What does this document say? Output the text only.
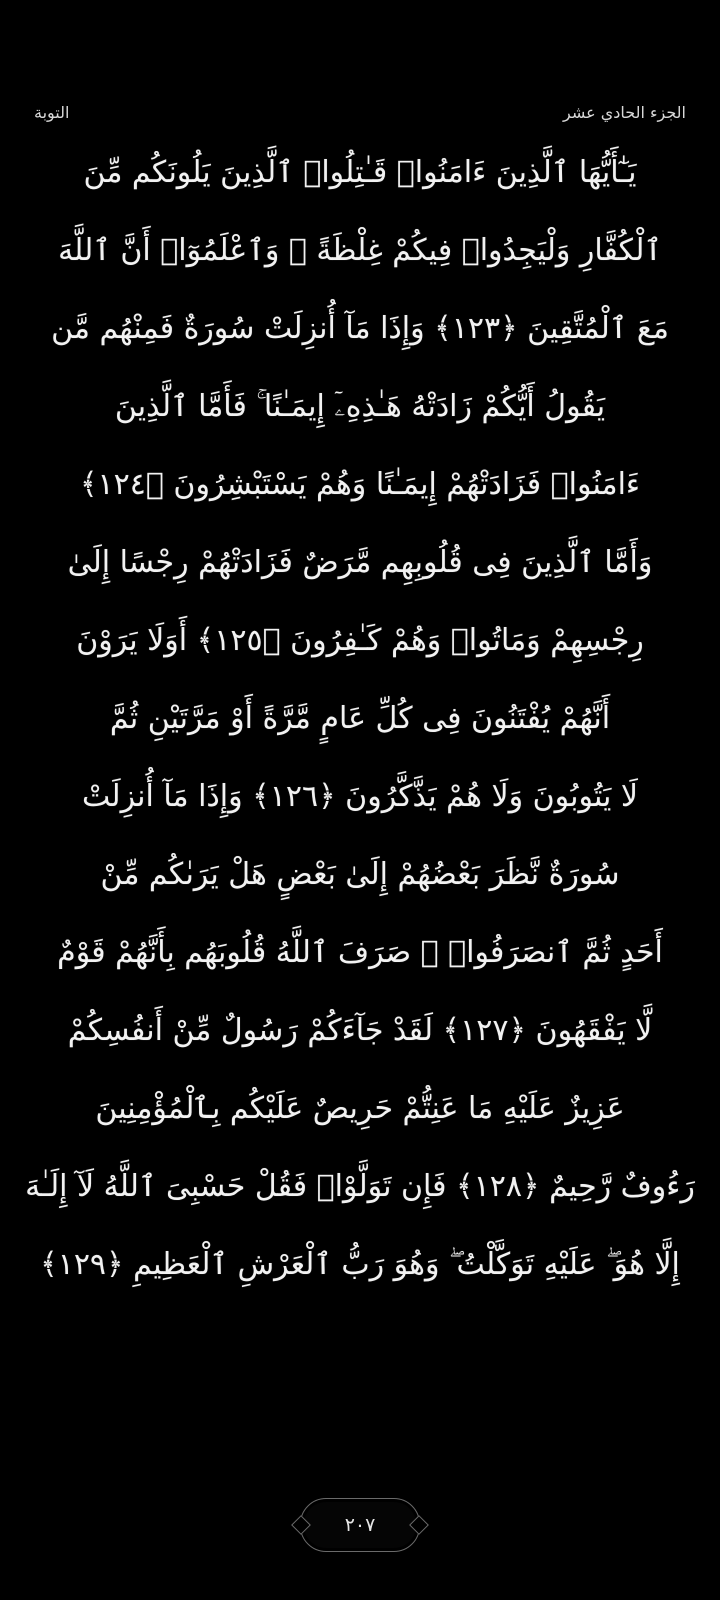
التوبة	الجزء الحادي عشر
يَـٰٓأَيُّهَا ٱلَّذِينَ ءَامَنُوا۟ قَـٰتِلُوا۟ ٱلَّذِينَ يَلُونَكُم مِّنَ
ٱلْكُفَّارِ وَلْيَجِدُوا۟ فِيكُمْ غِلْظَةً ۚ وَٱعْلَمُوٓا۟ أَنَّ ٱللَّهَ
مَعَ ٱلْمُتَّقِينَ ﴿١٢٣﴾ وَإِذَا مَآ أُنزِلَتْ سُورَةٌ فَمِنْهُم مَّن
يَقُولُ أَيُّكُمْ زَادَتْهُ هَـٰذِهِۦٓ إِيمَـٰنًا ۚ فَأَمَّا ٱلَّذِينَ
ءَامَنُوا۟ فَزَادَتْهُمْ إِيمَـٰنًا وَهُمْ يَسْتَبْشِرُونَ ﴿١٢٤﴾
وَأَمَّا ٱلَّذِينَ فِى قُلُوبِهِم مَّرَضٌ فَزَادَتْهُمْ رِجْسًا إِلَىٰ
رِجْسِهِمْ وَمَاتُوا۟ وَهُمْ كَـٰفِرُونَ ﴿١٢٥﴾ أَوَلَا يَرَوْنَ
أَنَّهُمْ يُفْتَنُونَ فِى كُلِّ عَامٍ مَّرَّةً أَوْ مَرَّتَيْنِ ثُمَّ
لَا يَتُوبُونَ وَلَا هُمْ يَذَّكَّرُونَ ﴿١٢٦﴾ وَإِذَا مَآ أُنزِلَتْ
سُورَةٌ نَّظَرَ بَعْضُهُمْ إِلَىٰ بَعْضٍ هَلْ يَرَىٰكُم مِّنْ
أَحَدٍ ثُمَّ ٱنصَرَفُوا۟ ۚ صَرَفَ ٱللَّهُ قُلُوبَهُم بِأَنَّهُمْ قَوْمٌ
لَّا يَفْقَهُونَ ﴿١٢٧﴾ لَقَدْ جَآءَكُمْ رَسُولٌ مِّنْ أَنفُسِكُمْ
عَزِيزٌ عَلَيْهِ مَا عَنِتُّمْ حَرِيصٌ عَلَيْكُم بِٱلْمُؤْمِنِينَ
رَءُوفٌ رَّحِيمٌ ﴿١٢٨﴾ فَإِن تَوَلَّوْا۟ فَقُلْ حَسْبِىَ ٱللَّهُ لَآ إِلَـٰهَ
إِلَّا هُوَ ۖ عَلَيْهِ تَوَكَّلْتُ ۖ وَهُوَ رَبُّ ٱلْعَرْشِ ٱلْعَظِيمِ ﴿١٢٩﴾
٢٠٧
